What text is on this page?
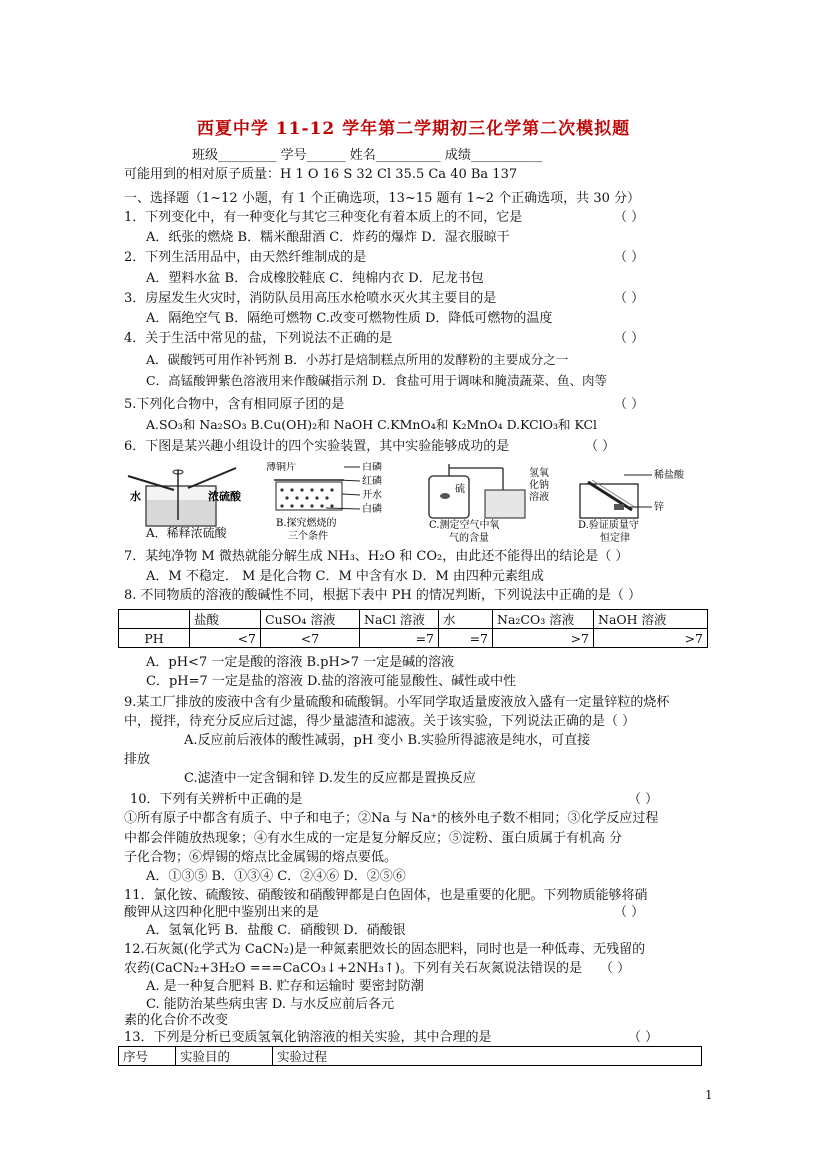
西夏中学 11-12 学年第二学期初三化学第二次模拟题
班级_________ 学号______ 姓名__________ 成绩___________
可能用到的相对原子质量：H 1 O 16 S 32 Cl 35.5 Ca 40 Ba 137
一、选择题（1~12 小题，有 1 个正确选项，13~15 题有 1~2 个正确选项，共 30 分）
1．下列变化中，有一种变化与其它三种变化有着本质上的不同，它是	（ ）
A．纸张的燃烧 B．糯米酿甜酒 C．炸药的爆炸 D．湿衣服晾干
2．下列生活用品中，由天然纤维制成的是	（ ）
A．塑料水盆 B．合成橡胶鞋底 C．纯棉内衣 D．尼龙书包
3．房屋发生火灾时，消防队员用高压水枪喷水灭火其主要目的是	（ ）
A．隔绝空气 B．隔绝可燃物 C.改变可燃物性质 D．降低可燃物的温度
4．关于生活中常见的盐，下列说法不正确的是	（ ）
A．碳酸钙可用作补钙剂 B．小苏打是焙制糕点所用的发酵粉的主要成分之一
C．高锰酸钾紫色溶液用来作酸碱指示剂 D．食盐可用于调味和腌渍蔬菜、鱼、肉等
5.下列化合物中，含有相同原子团的是	（ ）
A.SO₃和 Na₂SO₃ B.Cu(OH)₂和 NaOH C.KMnO₄和 K₂MnO₄ D.KClO₃和 KCl
6．下图是某兴趣小组设计的四个实验装置，其中实验能够成功的是	（ ）
水	浓硫酸
A．稀释浓硫酸
薄铜片	白磷
红磷
开水
白磷
B.探究燃烧的
三个条件
硫
氢氧
化钠
溶液
C.测定空气中氧
气的含量
稀盐酸
锌
D.验证质量守
恒定律
7．某纯净物 M 微热就能分解生成 NH₃、H₂O 和 CO₂，由此还不能得出的结论是（ ）
A．M 不稳定． M 是化合物 C．M 中含有水 D．M 由四种元素组成
8. 不同物质的溶液的酸碱性不同，根据下表中 PH 的情况判断，下列说法中正确的是（ ）
	盐酸	CuSO₄ 溶液	NaCl 溶液	水	Na₂CO₃ 溶液	NaOH 溶液
PH	<7	<7	=7	=7	>7	>7
A．pH<7 一定是酸的溶液 B.pH>7 一定是碱的溶液
C．pH=7 一定是盐的溶液 D.盐的溶液可能显酸性、碱性或中性
9.某工厂排放的废液中含有少量硫酸和硫酸铜。小军同学取适量废液放入盛有一定量锌粒的烧杯
中，搅拌，待充分反应后过滤，得少量滤渣和滤液。关于该实验，下列说法正确的是（ ）
A.反应前后液体的酸性减弱，pH 变小 B.实验所得滤液是纯水，可直接
排放
C.滤渣中一定含铜和锌 D.发生的反应都是置换反应
10．下列有关辨析中正确的是	（ ）
①所有原子中都含有质子、中子和电子；②Na 与 Na⁺的核外电子数不相同；③化学反应过程
中都会伴随放热现象；④有水生成的一定是复分解反应；⑤淀粉、蛋白质属于有机高 分
子化合物；⑥焊锡的熔点比金属锡的熔点要低。
A．①③⑤ B．①③④ C．②④⑥ D．②⑤⑥
11．氯化铵、硫酸铵、硝酸铵和硝酸钾都是白色固体，也是重要的化肥。下列物质能够将硝
酸钾从这四种化肥中鉴别出来的是	（ ）
A．氢氧化钙 B．盐酸 C．硝酸钡 D．硝酸银
12.石灰氮(化学式为 CaCN₂)是一种氮素肥效长的固态肥料，同时也是一种低毒、无残留的
农药(CaCN₂+3H₂O ===CaCO₃↓+2NH₃↑)。下列有关石灰氮说法错误的是 （ ）
A. 是一种复合肥料 B. 贮存和运输时 要密封防潮
C. 能防治某些病虫害 D. 与水反应前后各元
素的化合价不改变
13．下列是分析已变质氢氧化钠溶液的相关实验，其中合理的是	（ ）
序号	实验目的	实验过程
1
